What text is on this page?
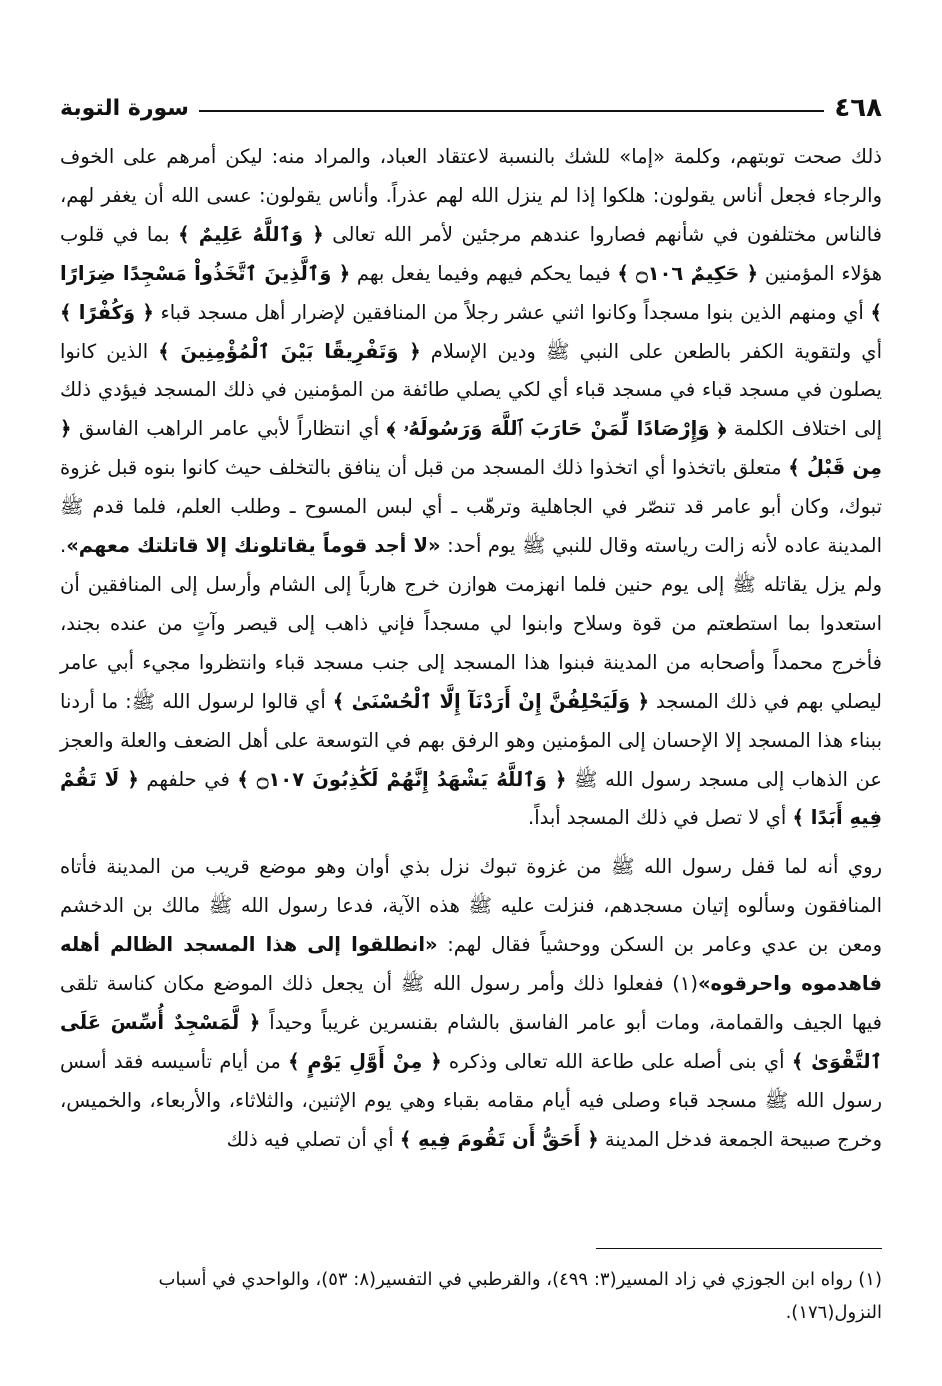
٤٦٨
سورة التوبة

ذلك صحت توبتهم، وكلمة «إما» للشك بالنسبة لاعتقاد العباد، والمراد منه: ليكن أمرهم على الخوف والرجاء فجعل أناس يقولون: هلكوا إذا لم ينزل الله لهم عذراً. وأناس يقولون: عسى الله أن يغفر لهم، فالناس مختلفون في شأنهم فصاروا عندهم مرجئين لأمر الله تعالى ﴿ وَٱللَّهُ عَلِيمٌ ﴾ بما في قلوب هؤلاء المؤمنين ﴿ حَكِيمٌ ۝١٠٦ ﴾ فيما يحكم فيهم وفيما يفعل بهم ﴿ وَٱلَّذِينَ ٱتَّخَذُواْ مَسْجِدًا ضِرَارًا ﴾ أي ومنهم الذين بنوا مسجداً وكانوا اثني عشر رجلاً من المنافقين لإضرار أهل مسجد قباء ﴿ وَكُفْرًا ﴾ أي ولتقوية الكفر بالطعن على النبي ﷺ ودين الإسلام ﴿ وَتَفْرِيقًا بَيْنَ ٱلْمُؤْمِنِينَ ﴾ الذين كانوا يصلون في مسجد قباء في مسجد قباء أي لكي يصلي طائفة من المؤمنين في ذلك المسجد فيؤدي ذلك إلى اختلاف الكلمة ﴿ وَإِرْصَادًا لِّمَنْ حَارَبَ ٱللَّهَ وَرَسُولَهُۥ ﴾ أي انتظاراً لأبي عامر الراهب الفاسق ﴿ مِن قَبْلُ ﴾ متعلق باتخذوا أي اتخذوا ذلك المسجد من قبل أن ينافق بالتخلف حيث كانوا بنوه قبل غزوة تبوك، وكان أبو عامر قد تنصّر في الجاهلية وترهّب ـ أي لبس المسوح ـ وطلب العلم، فلما قدم ﷺ المدينة عاده لأنه زالت رياسته وقال للنبي ﷺ يوم أحد: «لا أجد قوماً يقاتلونك إلا قاتلتك معهم». ولم يزل يقاتله ﷺ إلى يوم حنين فلما انهزمت هوازن خرج هارباً إلى الشام وأرسل إلى المنافقين أن استعدوا بما استطعتم من قوة وسلاح وابنوا لي مسجداً فإني ذاهب إلى قيصر وآتٍ من عنده بجند، فأخرج محمداً وأصحابه من المدينة فبنوا هذا المسجد إلى جنب مسجد قباء وانتظروا مجيء أبي عامر ليصلي بهم في ذلك المسجد ﴿ وَلَيَحْلِفُنَّ إِنْ أَرَدْنَآ إِلَّا ٱلْحُسْنَىٰ ﴾ أي قالوا لرسول الله ﷺ: ما أردنا ببناء هذا المسجد إلا الإحسان إلى المؤمنين وهو الرفق بهم في التوسعة على أهل الضعف والعلة والعجز عن الذهاب إلى مسجد رسول الله ﷺ ﴿ وَٱللَّهُ يَشْهَدُ إِنَّهُمْ لَكَٰذِبُونَ ۝١٠٧ ﴾ في حلفهم ﴿ لَا تَقُمْ فِيهِ أَبَدًا ﴾ أي لا تصل في ذلك المسجد أبداً.

روي أنه لما قفل رسول الله ﷺ من غزوة تبوك نزل بذي أوان وهو موضع قريب من المدينة فأتاه المنافقون وسألوه إتيان مسجدهم، فنزلت عليه ﷺ هذه الآية، فدعا رسول الله ﷺ مالك بن الدخشم ومعن بن عدي وعامر بن السكن ووحشياً فقال لهم: «انطلقوا إلى هذا المسجد الظالم أهله فاهدموه واحرقوه»(١) ففعلوا ذلك وأمر رسول الله ﷺ أن يجعل ذلك الموضع مكان كناسة تلقى فيها الجيف والقمامة، ومات أبو عامر الفاسق بالشام بقنسرين غريباً وحيداً ﴿ لَّمَسْجِدٌ أُسِّسَ عَلَى ٱلتَّقْوَىٰ ﴾ أي بنى أصله على طاعة الله تعالى وذكره ﴿ مِنْ أَوَّلِ يَوْمٍ ﴾ من أيام تأسيسه فقد أسس رسول الله ﷺ مسجد قباء وصلى فيه أيام مقامه بقباء وهي يوم الإثنين، والثلاثاء، والأربعاء، والخميس، وخرج صبيحة الجمعة فدخل المدينة ﴿ أَحَقُّ أَن تَقُومَ فِيهِ ﴾ أي أن تصلي فيه ذلك

(١) رواه ابن الجوزي في زاد المسير(٣: ٤٩٩)، والقرطبي في التفسير(٨: ٥٣)، والواحدي في أسباب النزول(١٧٦).
